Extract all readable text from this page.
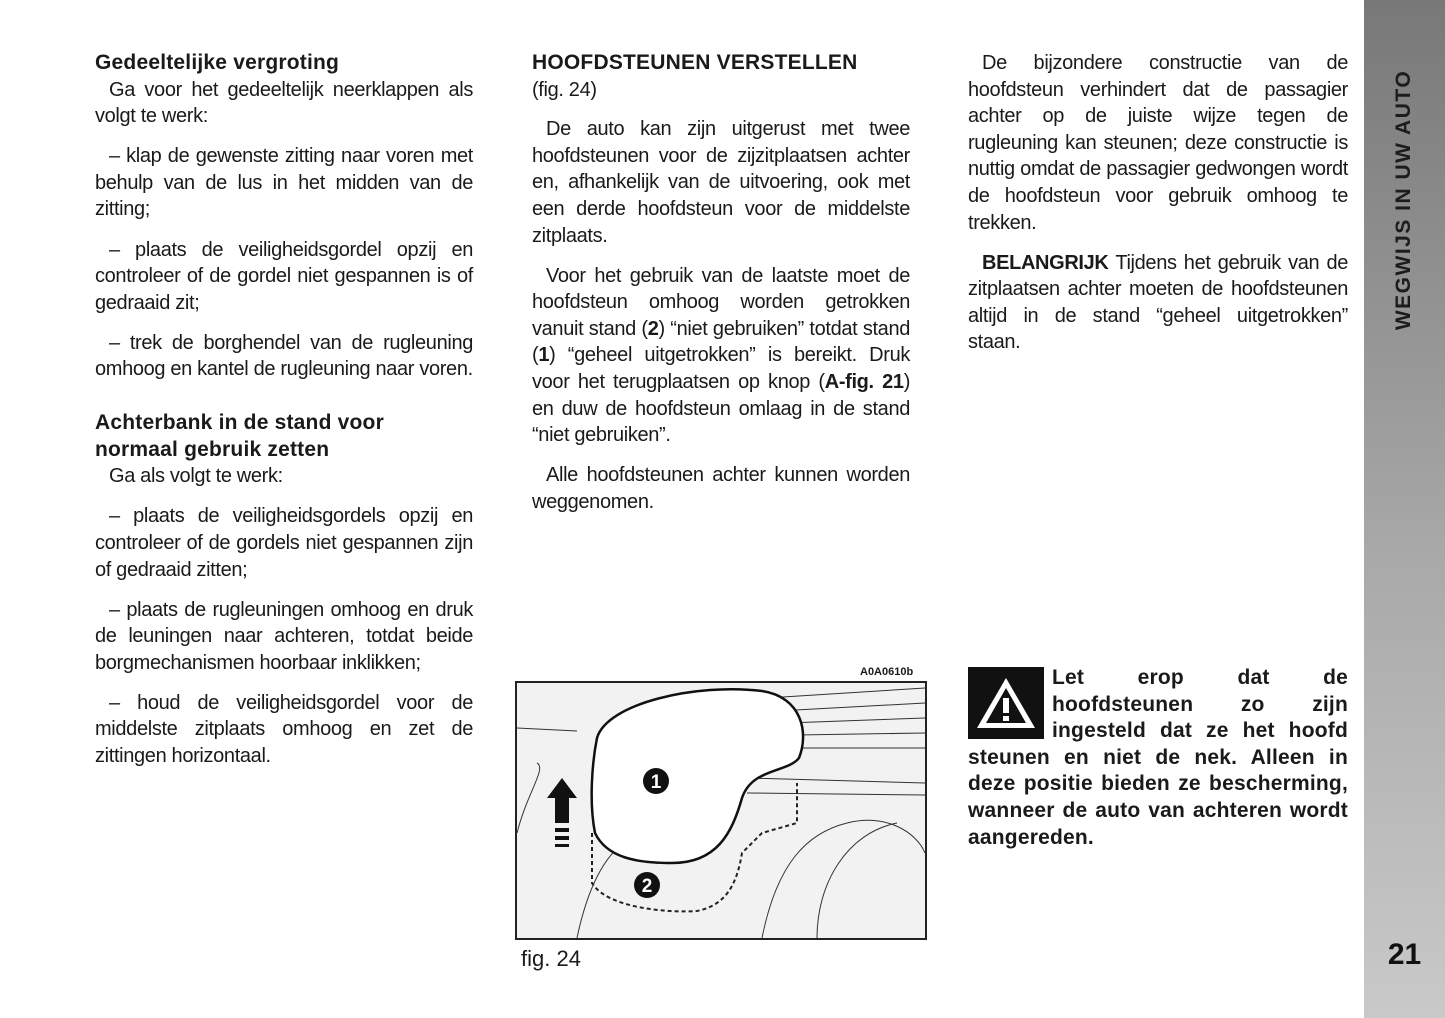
Gedeeltelijke vergroting

Ga voor het gedeeltelijk neerklappen als volgt te werk:

– klap de gewenste zitting naar voren met behulp van de lus in het midden van de zitting;

– plaats de veiligheidsgordel opzij en controleer of de gordel niet gespannen is of gedraaid zit;

– trek de borghendel van de rugleuning omhoog en kantel de rugleuning naar voren.

Achterbank in de stand voor normaal gebruik zetten

Ga als volgt te werk:

– plaats de veiligheidsgordels opzij en controleer of de gordels niet gespannen zijn of gedraaid zitten;

– plaats de rugleuningen omhoog en druk de leuningen naar achteren, totdat beide borgmechanismen hoorbaar inklikken;

– houd de veiligheidsgordel voor de middelste zitplaats omhoog en zet de zittingen horizontaal.

HOOFDSTEUNEN VERSTELLEN
(fig. 24)

De auto kan zijn uitgerust met twee hoofdsteunen voor de zijzitplaatsen achter en, afhankelijk van de uitvoering, ook met een derde hoofdsteun voor de middelste zitplaats.

Voor het gebruik van de laatste moet de hoofdsteun omhoog worden getrokken vanuit stand (2) “niet gebruiken” totdat stand (1) “geheel uitgetrokken” is bereikt. Druk voor het terugplaatsen op knop (A-fig. 21) en duw de hoofdsteun omlaag in de stand “niet gebruiken”.

Alle hoofdsteunen achter kunnen worden weggenomen.

De bijzondere constructie van de hoofdsteun verhindert dat de passagier achter op de juiste wijze tegen de rugleuning kan steunen; deze constructie is nuttig omdat de passagier gedwongen wordt de hoofdsteun voor gebruik omhoog te trekken.

BELANGRIJK Tijdens het gebruik van de zitplaatsen achter moeten de hoofdsteunen altijd in de stand “geheel uitgetrokken” staan.

A0A0610b
1
2
fig. 24
Let erop dat de hoofdsteunen zo zijn ingesteld dat ze het hoofd steunen en niet de nek. Alleen in deze positie bieden ze bescherming, wanneer de auto van achteren wordt aangereden.
WEGWIJS IN UW AUTO
21
